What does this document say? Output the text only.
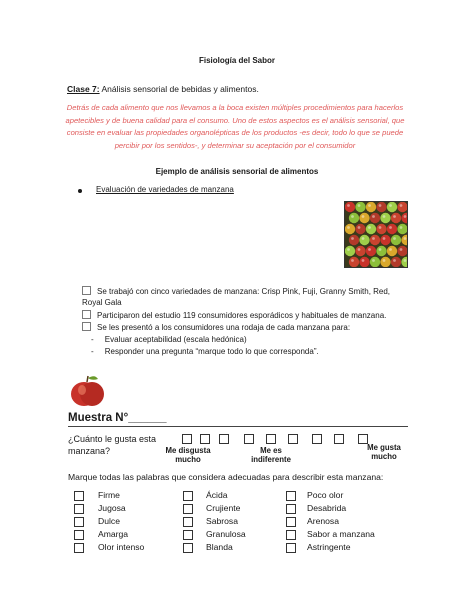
Fisiología del Sabor
Clase 7: Análisis sensorial de bebidas y alimentos.
Detrás de cada alimento que nos llevamos a la boca existen múltiples procedimientos para hacerlos apetecibles y de buena calidad para el consumo. Uno de estos aspectos es el análisis sensorial, que consiste en evaluar las propiedades organolépticas de los productos -es decir, todo lo que se puede percibir por los sentidos-, y determinar su aceptación por el consumidor
Ejemplo de análisis sensorial de alimentos
Evaluación de variedades de manzana
Se trabajó con cinco variedades de manzana: Crisp Pink, Fuji, Granny Smith, Red, Royal Gala
Participaron del estudio 119 consumidores esporádicos y habituales de manzana.
Se les presentó a los consumidores una rodaja de cada manzana para:
-     Evaluar aceptabilidad (escala hedónica)
-     Responder una pregunta “marque todo lo que corresponda”.
Muestra N°______
¿Cuánto le gusta esta manzana?	Me disgusta mucho
Me es indiferente
Me gusta mucho
Marque todas las palabras que considera adecuadas para describir esta manzana:
Firme
Jugosa
Dulce
Amarga
Olor intenso
Ácida
Crujiente
Sabrosa
Granulosa
Blanda
Poco olor
Desabrida
Arenosa
Sabor a manzana
Astringente
